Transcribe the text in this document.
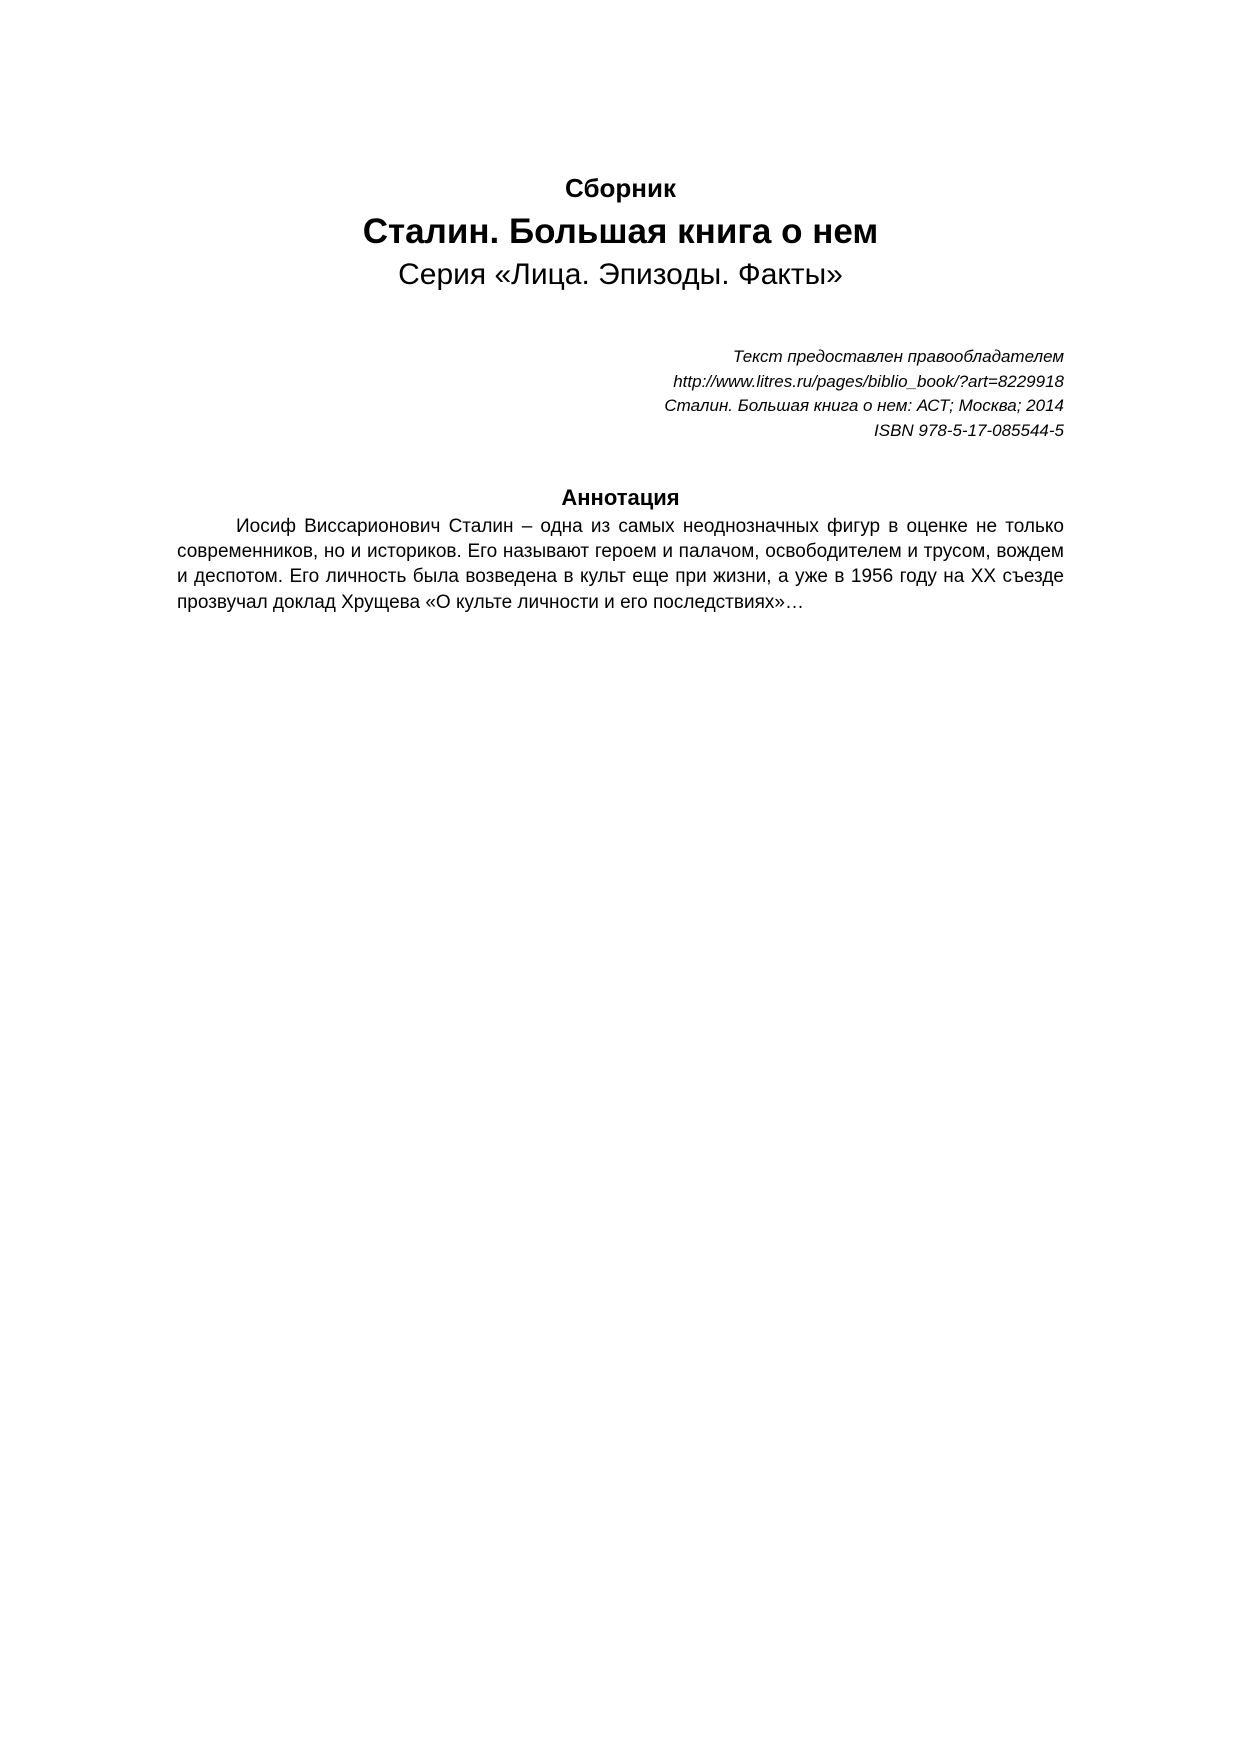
Сборник
Сталин. Большая книга о нем
Серия «Лица. Эпизоды. Факты»
Текст предоставлен правообладателем
http://www.litres.ru/pages/biblio_book/?art=8229918
Сталин. Большая книга о нем: АСТ; Москва; 2014
ISBN 978-5-17-085544-5
Аннотация
Иосиф Виссарионович Сталин – одна из самых неоднозначных фигур в оценке не только современников, но и историков. Его называют героем и палачом, освободителем и трусом, вождем и деспотом. Его личность была возведена в культ еще при жизни, а уже в 1956 году на XX съезде прозвучал доклад Хрущева «О культе личности и его последствиях»…
